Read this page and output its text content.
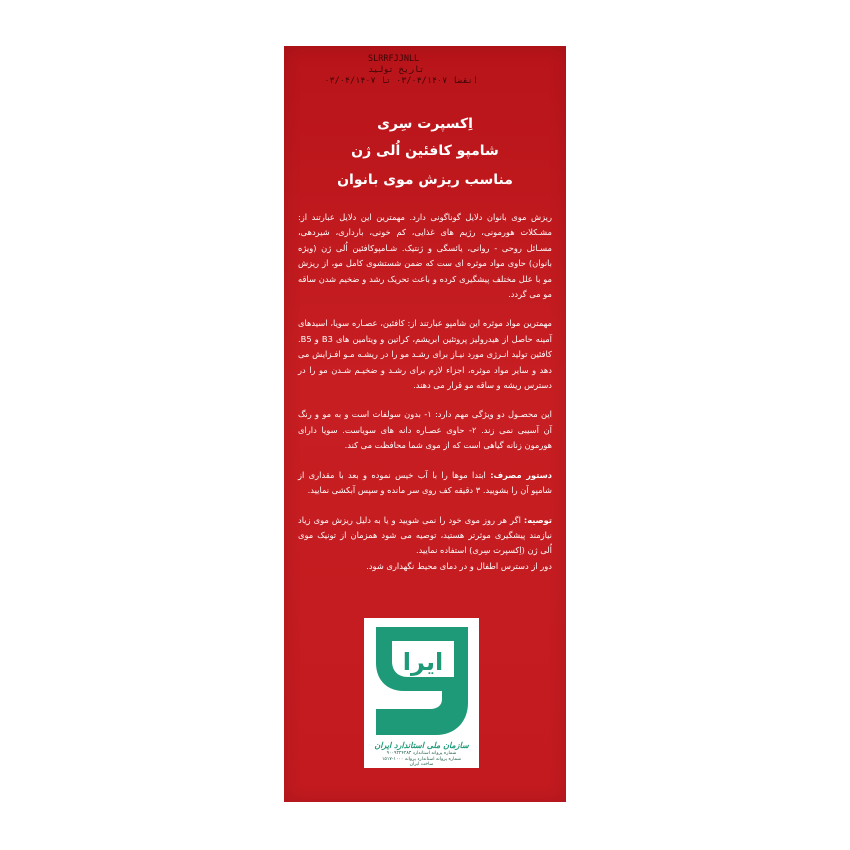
SLRRFJJNLL
تاریخ تولید
انقضا ۰۳/۰۴/۱۴۰۷ تا ۰۳/۰۴/۱۴۰۷
اِکسپرت سِری
شامپو کافئین اُلی ژن
مناسب ریزش موی بانوان

ریزش موی بانوان دلایل گوناگونی دارد. مهمترین این دلایل عبارتند از: مشـکلات هورمونی، رژیم های غذایی، کم خونی، بارداری، شیردهی، مسـائل روحی - روانی، یائسگی و ژنتیک. شـامپوکافئین اُلی ژن (ویژه بانوان) حاوی مواد موثره ای ست که ضمن شستشوی کامل مو، از ریزش مو با علل مختلف پیشگیری کرده و باعث تحریک رشد و ضخیم شدن ساقه مو می گردد.

مهمترین مواد موثره این شامپو عبارتند از: کافئین، عصـاره سویا، اسیدهای آمینه حاصل از هیدرولیز پروتئین ابریشم، کراتین و ویتامین های B3 و B5. کافئین تولید انـرژی مورد نیـاز برای رشـد مو را در ریشـه مـو افـزایش می دهد و سایر مواد موثره، اجزاء لازم برای رشـد و ضخیـم شـدن مو را در دسترس ریشه و ساقه مو قرار می دهند.

این محصـول دو ویژگی مهم دارد: ۱- بدون سولفات است و به مو و رنگ آن آسیبی نمی زند. ۲- حاوی عصـاره دانه های سویاست. سویا دارای هورمون زنانه گیاهی است که از موی شما محافظت می کند.

دستور مصرف: ابتدا موها را با آب خیس نموده و بعد با مقداری از شامپو آن را بشویید. ۳ دقیقه کف روی سر مانده و سپس آبکشی نمایید.

توصیه: اگر هر روز موی خود را نمی شویید و یا به دلیل ریزش موی زیاد نیازمند پیشگیری موثرتر هستید، توصیه می شود همزمان از تونیک موی اُلی ژن (اِکسپرت سِری) استفاده نمایید.

دور از دسترس اطفال و در دمای محیط نگهداری شود.

ایرا
سازمان ملی استاندارد ایران
شماره پروانه استاندارد ۹۰۰۹۲۲۴۲۸۳
شماره پروانه استاندارد پروانه ۱۰۰۰-۱۵۱۷
ساخت ایران
